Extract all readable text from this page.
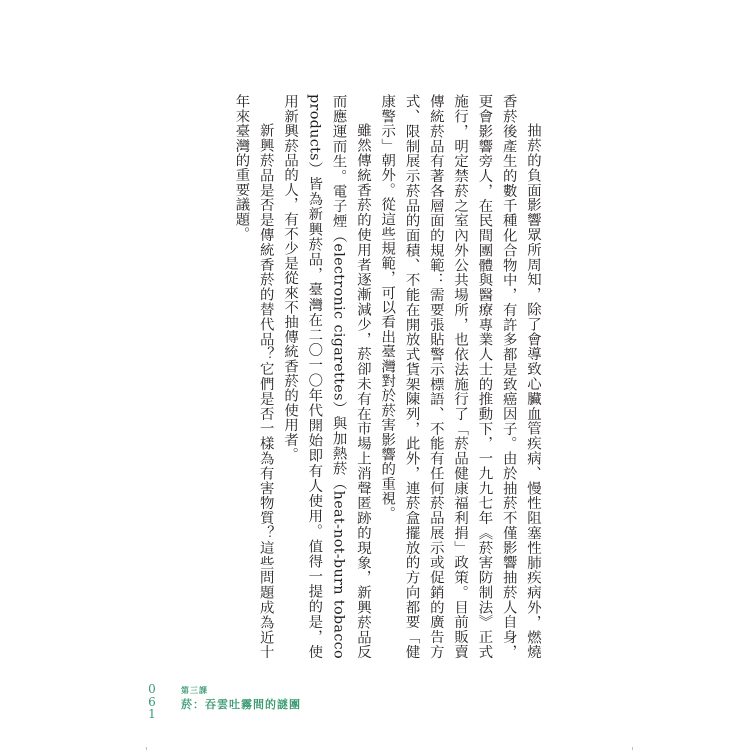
抽菸的負面影響眾所周知，除了會導致心臟血管疾病、慢性阻塞性肺疾病外，燃燒香菸後產生的數千種化合物中，有許多都是致癌因子。由於抽菸不僅影響抽菸人自身，更會影響旁人，在民間團體與醫療專業人士的推動下，一九九七年《菸害防制法》正式施行，明定禁菸之室內外公共場所，也依法施行了「菸品健康福利捐」政策。目前販賣傳統菸品有著各層面的規範：需要張貼警示標語、不能有任何菸品展示或促銷的廣告方式、限制展示菸品的面積、不能在開放式貨架陳列，此外，連菸盒擺放的方向都要「健康警示」朝外。從這些規範，可以看出臺灣對於菸害影響的重視。

雖然傳統香菸的使用者逐漸減少，菸卻未有在市場上消聲匿跡的現象，新興菸品反而應運而生。電子煙（electronic cigarettes）與加熱菸（heat-not-burn tobacco products）皆為新興菸品，臺灣在二〇一〇年代開始即有人使用。值得一提的是，使用新興菸品的人，有不少是從來不抽傳統香菸的使用者。

新興菸品是否是傳統香菸的替代品？它們是否一樣為有害物質？這些問題成為近十年來臺灣的重要議題。

0
6
1
第三課
菸：吞雲吐霧間的謎團
